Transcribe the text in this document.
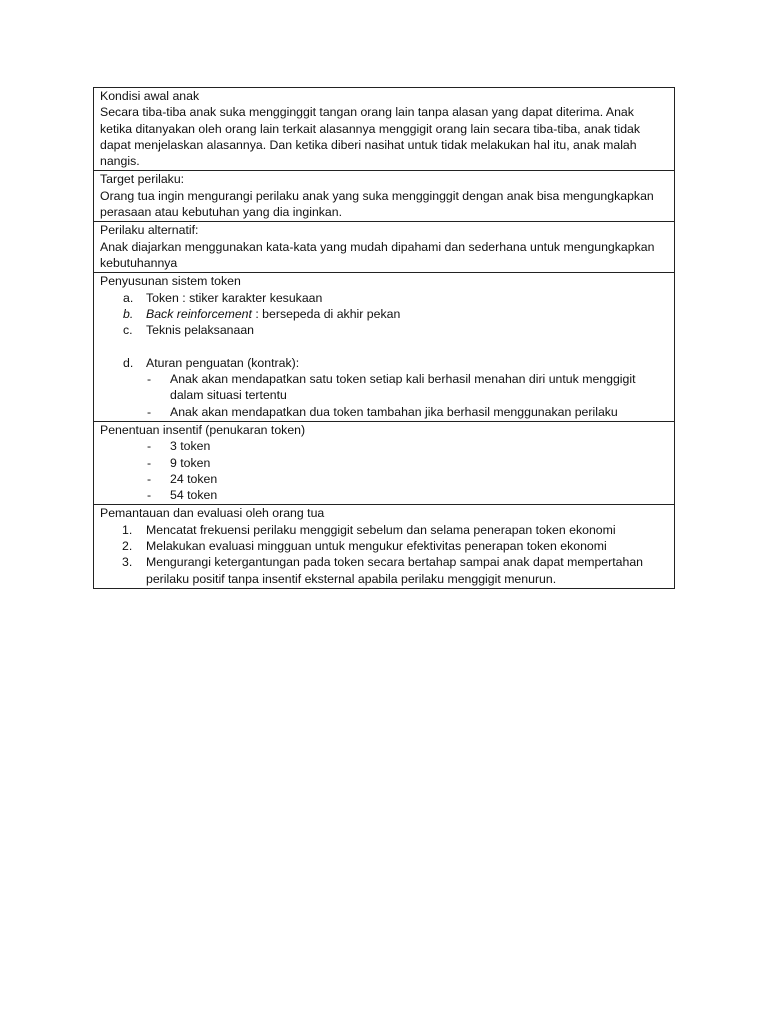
Kondisi awal anak
Secara tiba-tiba anak suka mengginggit tangan orang lain tanpa alasan yang dapat diterima. Anak ketika ditanyakan oleh orang lain terkait alasannya menggigit orang lain secara tiba-tiba, anak tidak dapat menjelaskan alasannya. Dan ketika diberi nasihat untuk tidak melakukan hal itu, anak malah nangis.

Target perilaku:
Orang tua ingin mengurangi perilaku anak yang suka mengginggit dengan anak bisa mengungkapkan perasaan atau kebutuhan yang dia inginkan.

Perilaku alternatif:
Anak diajarkan menggunakan kata-kata yang mudah dipahami dan sederhana untuk mengungkapkan kebutuhannya

Penyusunan sistem token
a.	Token : stiker karakter kesukaan
b.	Back reinforcement : bersepeda di akhir pekan
c.	Teknis pelaksanaan
d.	Aturan penguatan (kontrak):
-	Anak akan mendapatkan satu token setiap kali berhasil menahan diri untuk menggigit dalam situasi tertentu
-	Anak akan mendapatkan dua token tambahan jika berhasil menggunakan perilaku

Penentuan insentif (penukaran token)
-	3 token
-	9 token
-	24 token
-	54 token

Pemantauan dan evaluasi oleh orang tua
1.	Mencatat frekuensi perilaku menggigit sebelum dan selama penerapan token ekonomi
2.	Melakukan evaluasi mingguan untuk mengukur efektivitas penerapan token ekonomi
3.	Mengurangi ketergantungan pada token secara bertahap sampai anak dapat mempertahan perilaku positif tanpa insentif eksternal apabila perilaku menggigit menurun.
